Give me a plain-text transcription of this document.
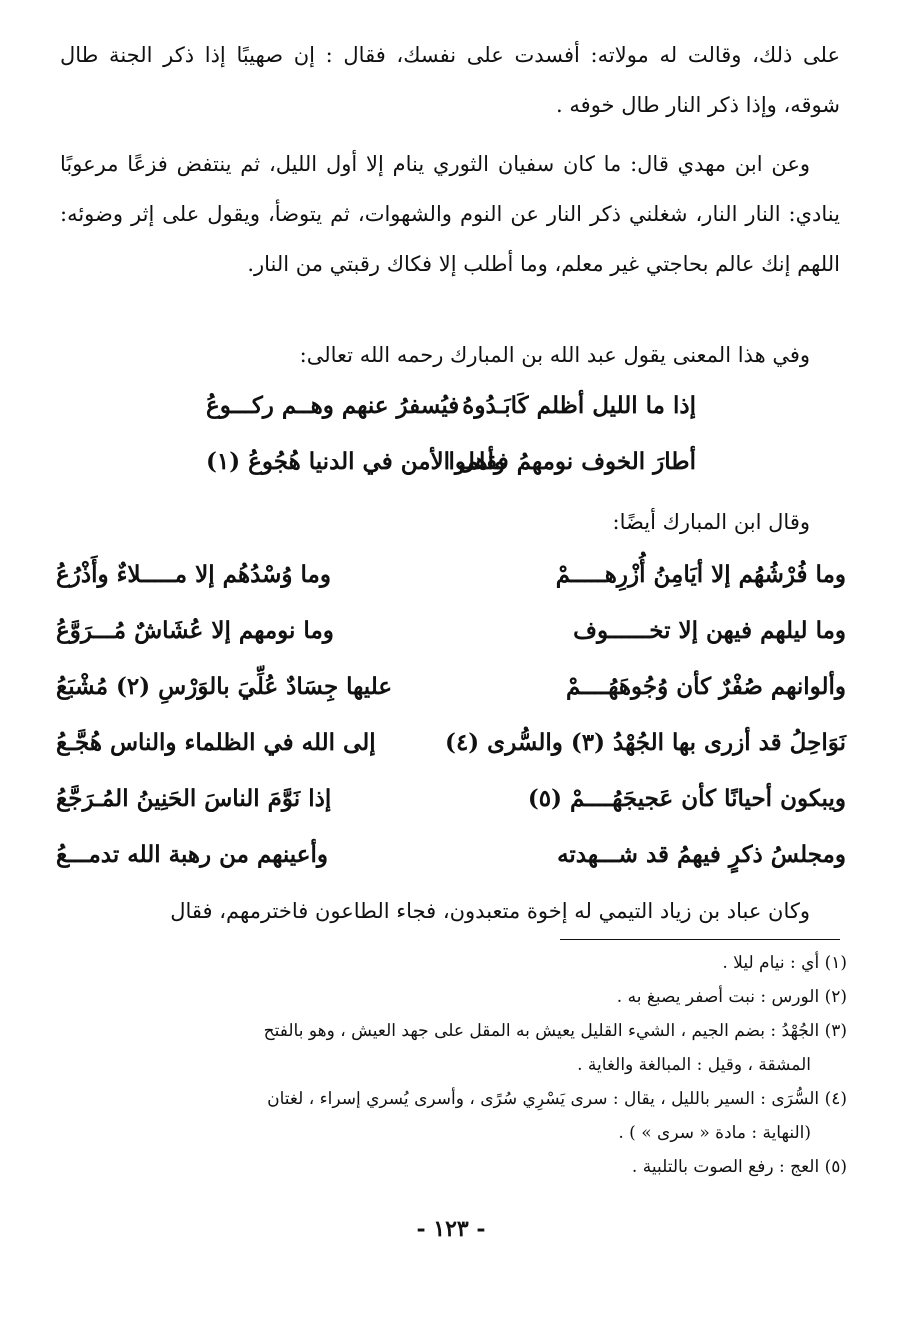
على ذلك، وقالت له مولاته: أفسدت على نفسك، فقال : إن صهيبًا إذا ذكر الجنة طال شوقه، وإذا ذكر النار طال خوفه .

وعن ابن مهدي قال: ما كان سفيان الثوري ينام إلا أول الليل، ثم ينتفض فزعًا مرعوبًا ينادي: النار النار، شغلني ذكر النار عن النوم والشهوات، ثم يتوضأ، ويقول على إثر وضوئه: اللهم إنك عالم بحاجتي غير معلم، وما أطلب إلا فكاك رقبتي من النار.

وفي هذا المعنى يقول عبد الله بن المبارك رحمه الله تعالى:

إذا ما الليل أظلم كَابَـدُوهُ
فيُسفرُ عنهم وهــم ركـــوعُ
أطارَ الخوف نومهمُ فقاموا
وأهل الأمن في الدنيا هُجُوعُ (١)

وقال ابن المبارك أيضًا:

وما فُرْشُهُم إلا أيَامِنُ أُزْرِهـــــمْ
وما وُسْدُهُم إلا مـــــلاءٌ وأَذْرُعُ
وما ليلهم فيهن إلا تخــــــوف
وما نومهم إلا عُشَاشٌ مُـــرَوَّعُ
وألوانهم صُفْرٌ كأن وُجُوهَهُــــمْ
عليها جِسَادٌ عُلِّيَ بالوَرْسِ (٢) مُشْبَعُ
نَوَاحِلُ قد أزرى بها الجُهْدُ (٣) والسُّرى (٤)
إلى الله في الظلماء والناس هُجَّـعُ
ويبكون أحيانًا كأن عَجيجَهُــــمْ (٥)
إذا نَوَّمَ الناسَ الحَنِينُ المُـرَجَّعُ
ومجلسُ ذكرٍ فيهمُ قد شـــهدته
وأعينهم من رهبة الله تدمـــعُ

وكان عباد بن زياد التيمي له إخوة متعبدون، فجاء الطاعون فاخترمهم، فقال

(١) أي : نيام ليلا .

(٢) الورس : نبت أصفر يصبغ به .

(٣) الجُهْدُ : بضم الجيم ، الشيء القليل يعيش به المقل على جهد العيش ، وهو بالفتح
المشقة ، وقيل : المبالغة والغاية .

(٤) السُّرَى : السير بالليل ، يقال : سرى يَسْرِي سُرًى ، وأسرى يُسري إسراء ، لغتان
(النهاية : مادة « سرى » ) .

(٥) العج : رفع الصوت بالتلبية .

- ١٢٣ -
